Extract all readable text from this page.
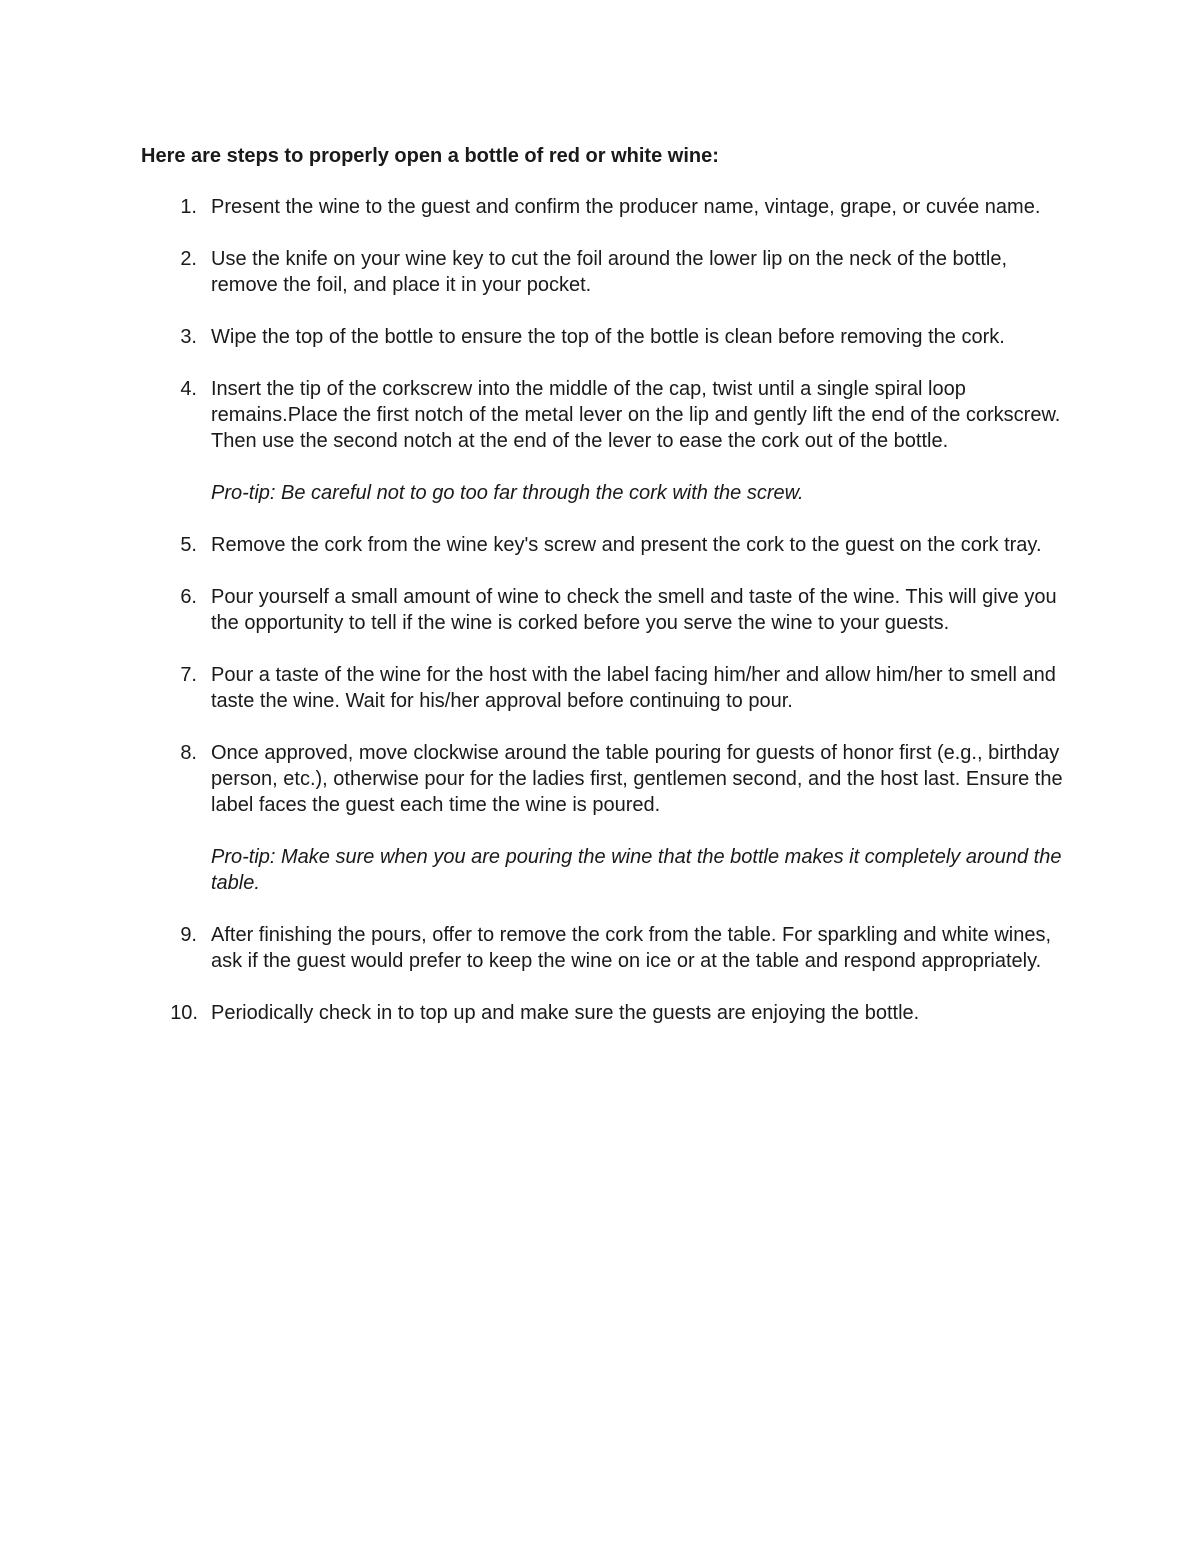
Here are steps to properly open a bottle of red or white wine:

1. Present the wine to the guest and confirm the producer name, vintage, grape, or cuvée name.

2. Use the knife on your wine key to cut the foil around the lower lip on the neck of the bottle, remove the foil, and place it in your pocket.

3. Wipe the top of the bottle to ensure the top of the bottle is clean before removing the cork.

4. Insert the tip of the corkscrew into the middle of the cap, twist until a single spiral loop remains.Place the first notch of the metal lever on the lip and gently lift the end of the corkscrew. Then use the second notch at the end of the lever to ease the cork out of the bottle.

Pro-tip: Be careful not to go too far through the cork with the screw.

5. Remove the cork from the wine key's screw and present the cork to the guest on the cork tray.

6. Pour yourself a small amount of wine to check the smell and taste of the wine. This will give you the opportunity to tell if the wine is corked before you serve the wine to your guests.

7. Pour a taste of the wine for the host with the label facing him/her and allow him/her to smell and taste the wine. Wait for his/her approval before continuing to pour.

8. Once approved, move clockwise around the table pouring for guests of honor first (e.g., birthday person, etc.), otherwise pour for the ladies first, gentlemen second, and the host last. Ensure the label faces the guest each time the wine is poured.

Pro-tip: Make sure when you are pouring the wine that the bottle makes it completely around the table.

9. After finishing the pours, offer to remove the cork from the table. For sparkling and white wines, ask if the guest would prefer to keep the wine on ice or at the table and respond appropriately.

10. Periodically check in to top up and make sure the guests are enjoying the bottle.
